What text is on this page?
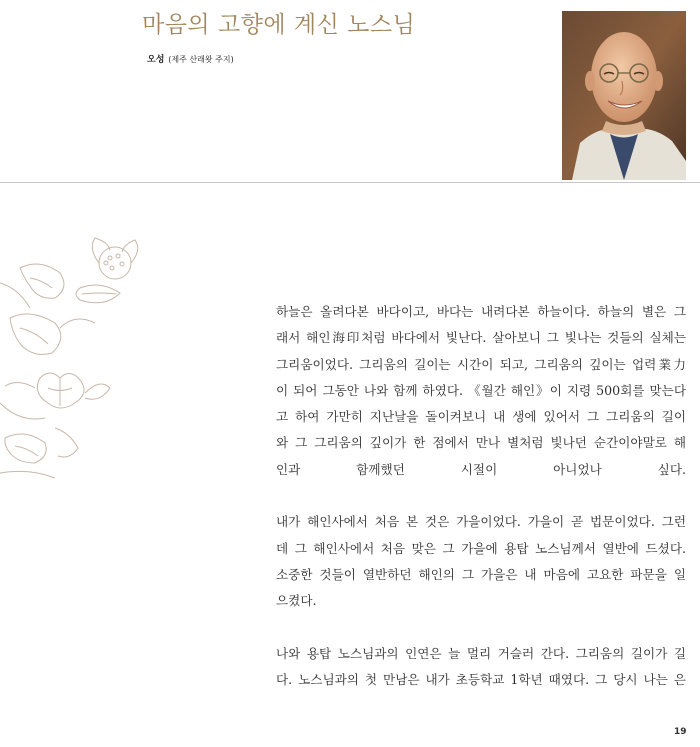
마음의 고향에 계신 노스님
오성 (제주 산래왓 주지)

하늘은 올려다본 바다이고, 바다는 내려다본 하늘이다. 하늘의 별은 그
래서 해인海印처럼 바다에서 빛난다. 살아보니 그 빛나는 것들의 실체는
그리움이었다. 그리움의 길이는 시간이 되고, 그리움의 깊이는 업력業力
이 되어 그동안 나와 함께 하였다. 《월간 해인》이 지령 500회를 맞는다
고 하여 가만히 지난날을 돌이켜보니 내 생에 있어서 그 그리움의 길이
와 그 그리움의 깊이가 한 점에서 만나 별처럼 빛나던 순간이야말로 해
인과 함께했던 시절이 아니었나 싶다.

내가 해인사에서 처음 본 것은 가을이었다. 가을이 곧 법문이었다. 그런
데 그 해인사에서 처음 맞은 그 가을에 용탑 노스님께서 열반에 드셨다.
소중한 것들이 열반하던 해인의 그 가을은 내 마음에 고요한 파문을 일
으켰다.

나와 용탑 노스님과의 인연은 늘 멀리 거슬러 간다. 그리움의 길이가 길
다. 노스님과의 첫 만남은 내가 초등학교 1학년 때였다. 그 당시 나는 은

19
